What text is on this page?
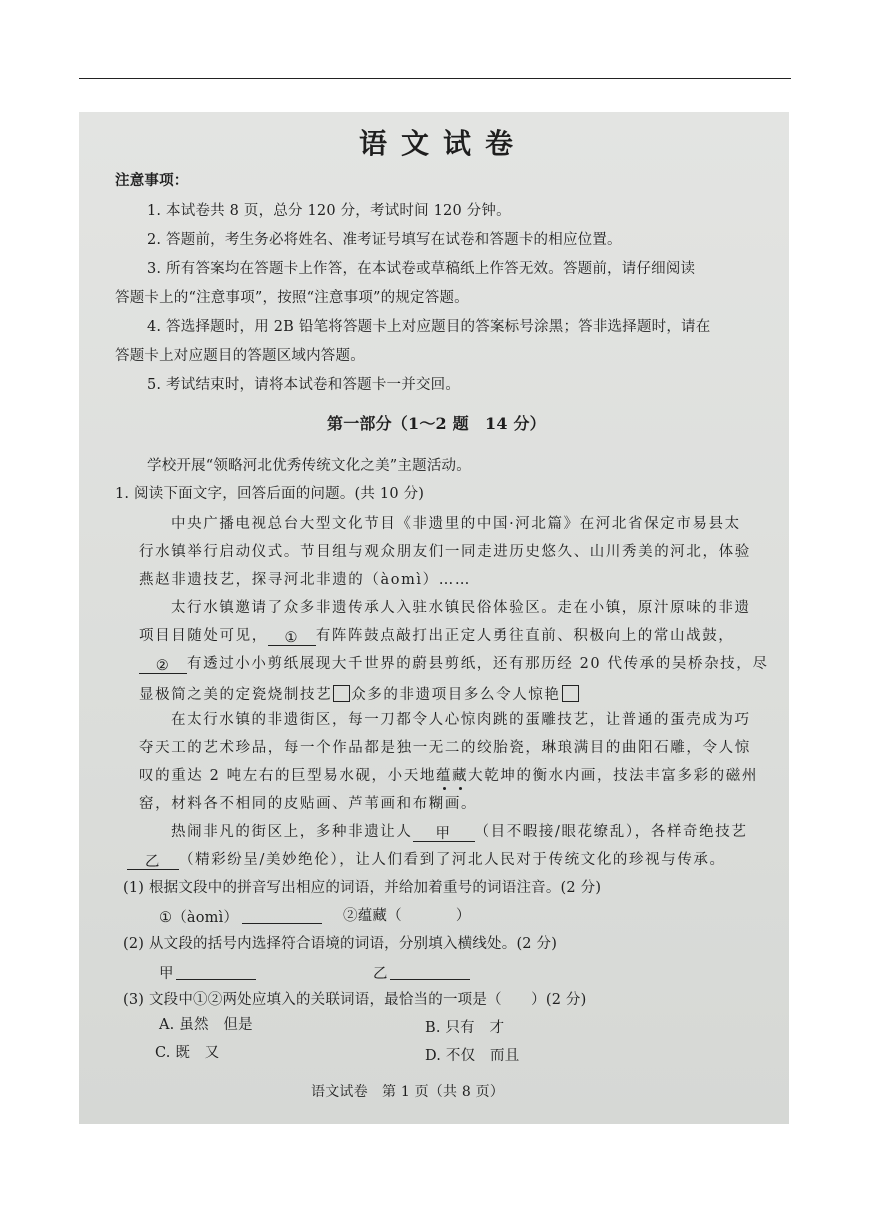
语文试卷
注意事项：
1. 本试卷共 8 页，总分 120 分，考试时间 120 分钟。
2. 答题前，考生务必将姓名、准考证号填写在试卷和答题卡的相应位置。
3. 所有答案均在答题卡上作答，在本试卷或草稿纸上作答无效。答题前，请仔细阅读
答题卡上的“注意事项”，按照“注意事项”的规定答题。
4. 答选择题时，用 2B 铅笔将答题卡上对应题目的答案标号涂黑；答非选择题时，请在
答题卡上对应题目的答题区域内答题。
5. 考试结束时，请将本试卷和答题卡一并交回。
第一部分（1～2 题　14 分）
学校开展“领略河北优秀传统文化之美”主题活动。
1. 阅读下面文字，回答后面的问题。(共 10 分)
中央广播电视总台大型文化节目《非遗里的中国·河北篇》在河北省保定市易县太
行水镇举行启动仪式。节目组与观众朋友们一同走进历史悠久、山川秀美的河北，体验
燕赵非遗技艺，探寻河北非遗的（àomì）……
太行水镇邀请了众多非遗传承人入驻水镇民俗体验区。走在小镇，原汁原味的非遗
项目目随处可见， ① 有阵阵鼓点敲打出正定人勇往直前、积极向上的常山战鼓，
② 有透过小小剪纸展现大千世界的蔚县剪纸，还有那历经 20 代传承的吴桥杂技，尽
显极简之美的定瓷烧制技艺 众多的非遗项目多么令人惊艳
在太行水镇的非遗街区，每一刀都令人心惊肉跳的蛋雕技艺，让普通的蛋壳成为巧
夺天工的艺术珍品，每一个作品都是独一无二的绞胎瓷，琳琅满目的曲阳石雕，令人惊
叹的重达 2 吨左右的巨型易水砚，小天地蕴藏大乾坤的衡水内画，技法丰富多彩的磁州
窑，材料各不相同的皮贴画、芦苇画和布糊画。
热闹非凡的街区上，多种非遗让人 甲 （目不暇接/眼花缭乱），各样奇绝技艺
乙 （精彩纷呈/美妙绝伦），让人们看到了河北人民对于传统文化的珍视与传承。
(1) 根据文段中的拼音写出相应的词语，并给加着重号的词语注音。(2 分)
①（àomì）	②蕴藏（	）
(2) 从文段的括号内选择符合语境的词语，分别填入横线处。(2 分)
甲	乙
(3) 文段中①②两处应填入的关联词语，最恰当的一项是（　　）(2 分)
A. 虽然　但是	B. 只有　才
C. 既　又	D. 不仅　而且
语文试卷　第 1 页（共 8 页）
